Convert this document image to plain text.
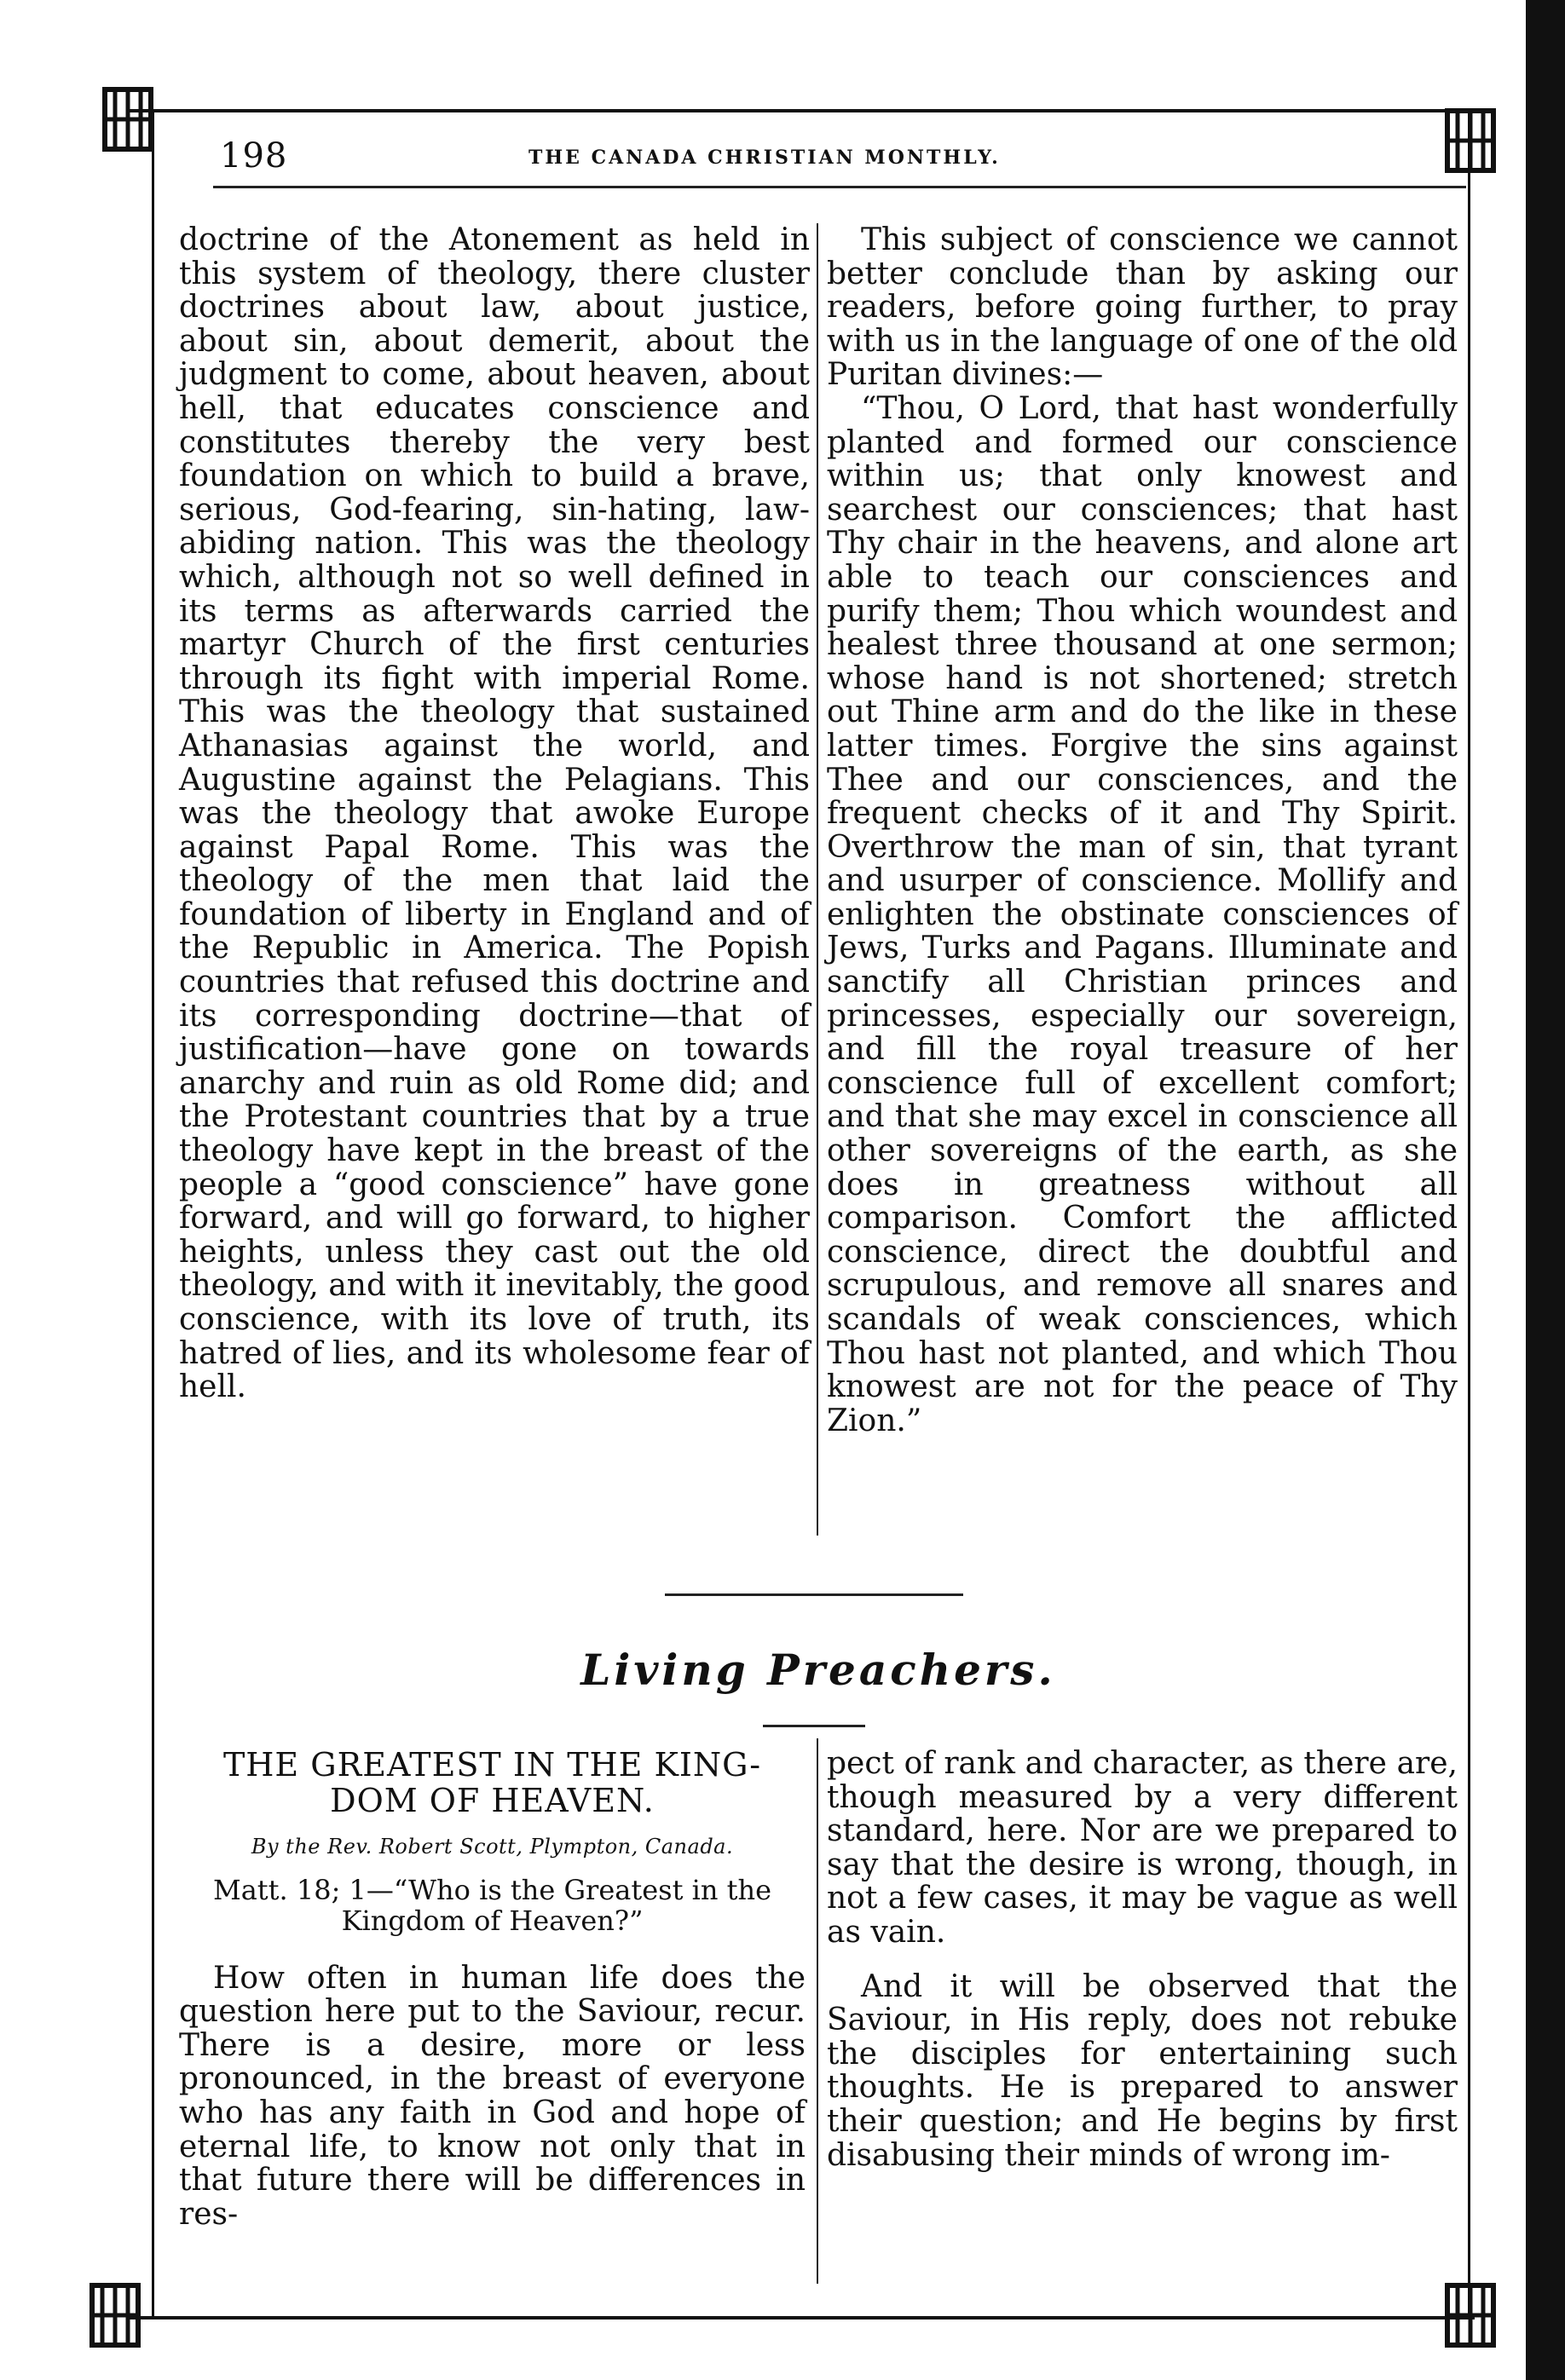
198	THE CANADA CHRISTIAN MONTHLY.

doctrine of the Atonement as held in this system of theology, there cluster doctrines about law, about justice, about sin, about demerit, about the judgment to come, about heaven, about hell, that educates conscience and constitutes thereby the very best foundation on which to build a brave, serious, God-fearing, sin-hating, law-abiding nation. This was the theology which, although not so well defined in its terms as afterwards carried the martyr Church of the first centuries through its fight with imperial Rome. This was the theology that sustained Athanasias against the world, and Augustine against the Pelagians. This was the theology that awoke Europe against Papal Rome. This was the theology of the men that laid the foundation of liberty in England and of the Republic in America. The Popish countries that refused this doctrine and its corresponding doctrine—that of justification—have gone on towards anarchy and ruin as old Rome did; and the Protestant countries that by a true theology have kept in the breast of the people a “good conscience” have gone forward, and will go forward, to higher heights, unless they cast out the old theology, and with it inevitably, the good conscience, with its love of truth, its hatred of lies, and its wholesome fear of hell.

This subject of conscience we cannot better conclude than by asking our readers, before going further, to pray with us in the language of one of the old Puritan divines:—

“Thou, O Lord, that hast wonderfully planted and formed our conscience within us; that only knowest and searchest our consciences; that hast Thy chair in the heavens, and alone art able to teach our consciences and purify them; Thou which woundest and healest three thousand at one sermon; whose hand is not shortened; stretch out Thine arm and do the like in these latter times. Forgive the sins against Thee and our consciences, and the frequent checks of it and Thy Spirit. Overthrow the man of sin, that tyrant and usurper of conscience. Mollify and enlighten the obstinate consciences of Jews, Turks and Pagans. Illuminate and sanctify all Christian princes and princesses, especially our sovereign, and fill the royal treasure of her conscience full of excellent comfort; and that she may excel in conscience all other sovereigns of the earth, as she does in greatness without all comparison. Comfort the afflicted conscience, direct the doubtful and scrupulous, and remove all snares and scandals of weak consciences, which Thou hast not planted, and which Thou knowest are not for the peace of Thy Zion.”

Living Preachers.
THE GREATEST IN THE KING-
DOM OF HEAVEN.
By the Rev. Robert Scott, Plympton, Canada.
Matt. 18; 1—“Who is the Greatest in the
Kingdom of Heaven?”

How often in human life does the question here put to the Saviour, recur. There is a desire, more or less pronounced, in the breast of everyone who has any faith in God and hope of eternal life, to know not only that in that future there will be differences in res-

pect of rank and character, as there are, though measured by a very different standard, here. Nor are we prepared to say that the desire is wrong, though, in not a few cases, it may be vague as well as vain.

And it will be observed that the Saviour, in His reply, does not rebuke the disciples for entertaining such thoughts. He is prepared to answer their question; and He begins by first disabusing their minds of wrong im-
